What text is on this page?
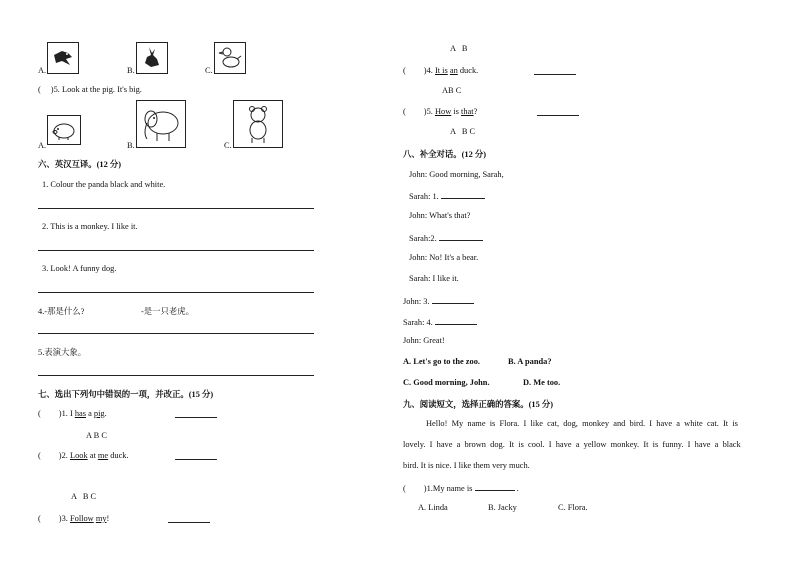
A.	B.	C.
( )5. Look at the pig. It's big.
A.	B.	C.
六、英汉互译。(12 分)
1. Colour the panda black and white.
2. This is a monkey. I like it.
3. Look! A funny dog.
4.-那是什么?	-是一只老虎。
5.表演大象。
七、选出下列句中错误的一项，并改正。(15 分)
( )1. I has a pig.
A B C
( )2. Look at me duck.
A   B C
( )3. Follow my!
A   B
( )4. It is an duck.
AB C
( )5. How is that?
A   B C
八、补全对话。(12 分)
John: Good morning, Sarah,
Sarah: 1.
John: What's that?
Sarah:2.
John: No! It's a bear.
Sarah: I like it.
John: 3.
Sarah: 4.
John: Great!
A. Let's go to the zoo.	B. A panda?
C. Good morning, John.	D. Me too.
九、阅读短文，选择正确的答案。(15 分)
Hello!  My  name  is  Flora.  I  like  cat,  dog,  monkey  and  bird.  I  have  a  white  cat.  It  is
lovely.  I  have  a  brown  dog.  It  is  cool.  I  have  a  yellow  monkey.  It  is  funny.  I  have  a  black
bird. It is nice. I like them very much.
( )1.My name is	.
A. Linda	B. Jacky	C. Flora.
